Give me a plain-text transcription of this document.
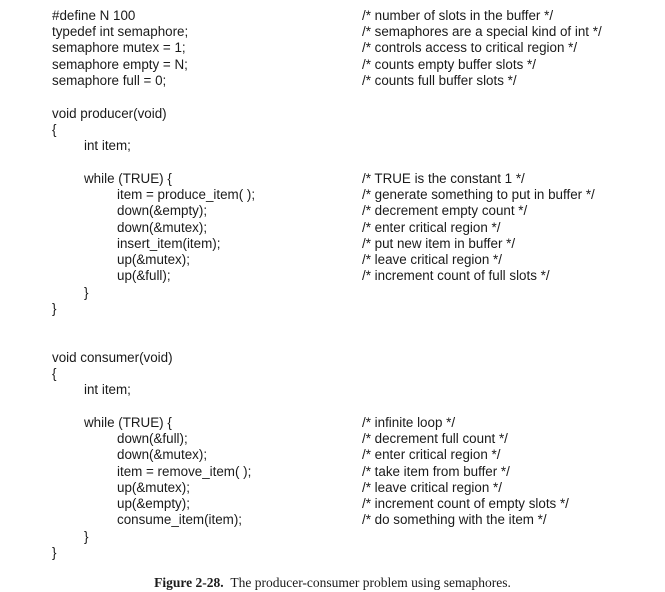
#define N 100	/* number of slots in the buffer */
typedef int semaphore;	/* semaphores are a special kind of int */
semaphore mutex = 1;	/* controls access to critical region */
semaphore empty = N;	/* counts empty buffer slots */
semaphore full = 0;	/* counts full buffer slots */
void producer(void)
{
int item;
while (TRUE) {	/* TRUE is the constant 1 */
item = produce_item( );	/* generate something to put in buffer */
down(&empty);	/* decrement empty count */
down(&mutex);	/* enter critical region */
insert_item(item);	/* put new item in buffer */
up(&mutex);	/* leave critical region */
up(&full);	/* increment count of full slots */
}
}
void consumer(void)
{
int item;
while (TRUE) {	/* infinite loop */
down(&full);	/* decrement full count */
down(&mutex);	/* enter critical region */
item = remove_item( );	/* take item from buffer */
up(&mutex);	/* leave critical region */
up(&empty);	/* increment count of empty slots */
consume_item(item);	/* do something with the item */
}
}
Figure 2-28. The producer-consumer problem using semaphores.
